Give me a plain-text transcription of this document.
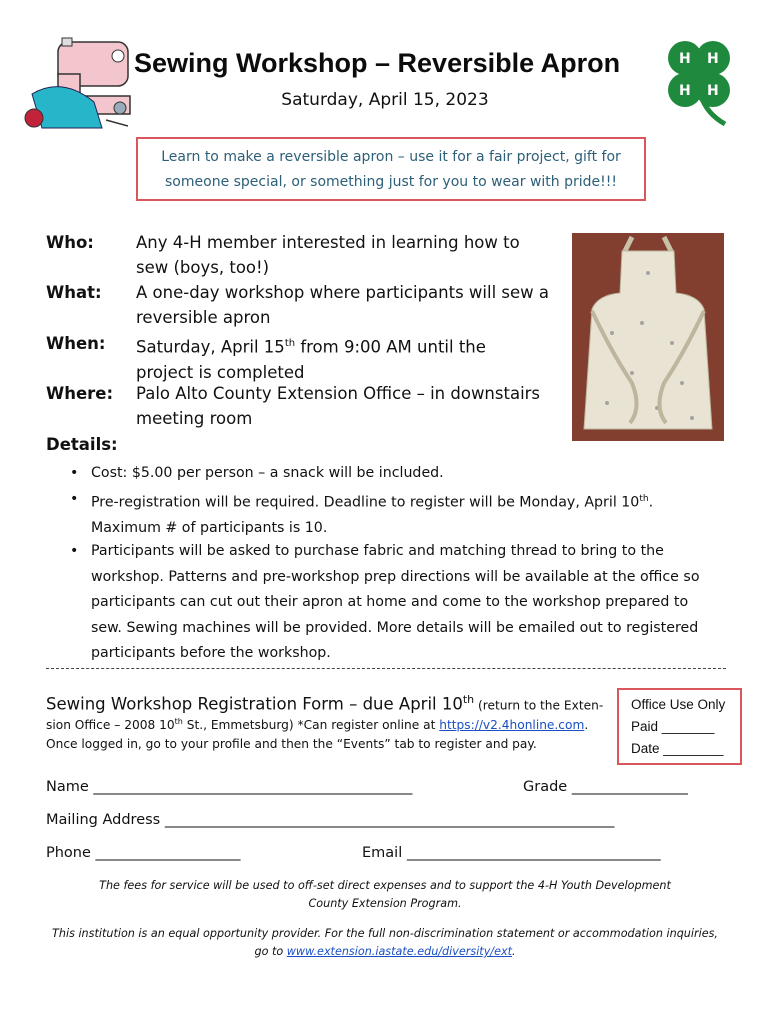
Sewing Workshop – Reversible Apron	H H
H H
Saturday, April 15, 2023
Learn to make a reversible apron – use it for a fair project, gift for
someone special, or something just for you to wear with pride!!!
Who:	Any 4-H member interested in learning how to
sew (boys, too!)
What: A one-day workshop where participants will sew a
reversible apron
When: Saturday, April 15th from 9:00 AM until the
project is completed
Where: Palo Alto County Extension Office – in downstairs
meeting room
Details:
• Cost: $5.00 per person – a snack will be included.
• Pre-registration will be required. Deadline to register will be Monday, April 10th.
Maximum # of participants is 10.
• Participants will be asked to purchase fabric and matching thread to bring to the
workshop. Patterns and pre-workshop prep directions will be available at the office so
participants can cut out their apron at home and come to the workshop prepared to
sew. Sewing machines will be provided. More details will be emailed out to registered
participants before the workshop.
Sewing Workshop Registration Form – due April 10th (return to the Exten-
sion Office – 2008 10th St., Emmetsburg) *Can register online at https://v2.4honline.com.
Once logged in, go to your profile and then the “Events” tab to register and pay.
Office Use Only
Paid _______
Date ________
Name ____________________________________________	Grade ________________
Mailing Address ______________________________________________________________
Phone ____________________	Email ___________________________________
The fees for service will be used to off-set direct expenses and to support the 4-H Youth Development
County Extension Program.
This institution is an equal opportunity provider. For the full non-discrimination statement or accommodation inquiries,
go to www.extension.iastate.edu/diversity/ext.
